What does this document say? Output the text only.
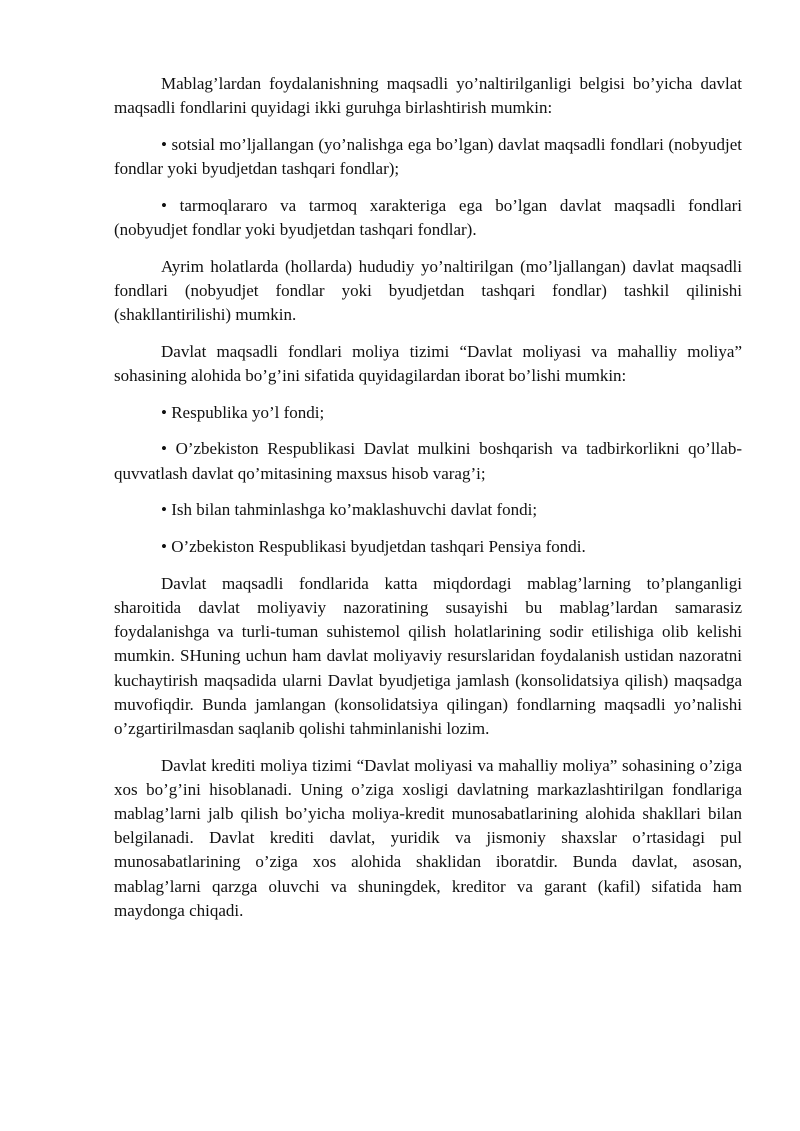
Mablag’lardan foydalanishning maqsadli yo’naltirilganligi belgisi bo’yicha davlat maqsadli fondlarini quyidagi ikki guruhga birlashtirish mumkin:

• sotsial mo’ljallangan (yo’nalishga ega bo’lgan) davlat maqsadli fondlari (nobyudjet fondlar yoki byudjetdan tashqari fondlar);

• tarmoqlararo va tarmoq xarakteriga ega bo’lgan davlat maqsadli fondlari (nobyudjet fondlar yoki byudjetdan tashqari fondlar).

Ayrim holatlarda (hollarda) hududiy yo’naltirilgan (mo’ljallangan) davlat maqsadli fondlari (nobyudjet fondlar yoki byudjetdan tashqari fondlar) tashkil qilinishi (shakllantirilishi) mumkin.

Davlat maqsadli fondlari moliya tizimi “Davlat moliyasi va mahalliy moliya” sohasining alohida bo’g’ini sifatida quyidagilardan iborat bo’lishi mumkin:

• Respublika yo’l fondi;

• O’zbekiston Respublikasi Davlat mulkini boshqarish va tadbirkorlikni qo’llab-quvvatlash davlat qo’mitasining maxsus hisob varag’i;

• Ish bilan tahminlashga ko’maklashuvchi davlat fondi;

• O’zbekiston Respublikasi byudjetdan tashqari Pensiya fondi.

Davlat maqsadli fondlarida katta miqdordagi mablag’larning to’planganligi sharoitida davlat moliyaviy nazoratining susayishi bu mablag’lardan samarasiz foydalanishga va turli-tuman suhistemol qilish holatlarining sodir etilishiga olib kelishi mumkin. SHuning uchun ham davlat moliyaviy resurslaridan foydalanish ustidan nazoratni kuchaytirish maqsadida ularni Davlat byudjetiga jamlash (konsolidatsiya qilish) maqsadga muvofiqdir. Bunda jamlangan (konsolidatsiya qilingan) fondlarning maqsadli yo’nalishi o’zgartirilmasdan saqlanib qolishi tahminlanishi lozim.

Davlat krediti moliya tizimi “Davlat moliyasi va mahalliy moliya” sohasining o’ziga xos bo’g’ini hisoblanadi. Uning o’ziga xosligi davlatning markazlashtirilgan fondlariga mablag’larni jalb qilish bo’yicha moliya-kredit munosabatlarining alohida shakllari bilan belgilanadi. Davlat krediti davlat, yuridik va jismoniy shaxslar o’rtasidagi pul munosabatlarining o’ziga xos alohida shaklidan iboratdir. Bunda davlat, asosan, mablag’larni qarzga oluvchi va shuningdek, kreditor va garant (kafil) sifatida ham maydonga chiqadi.
